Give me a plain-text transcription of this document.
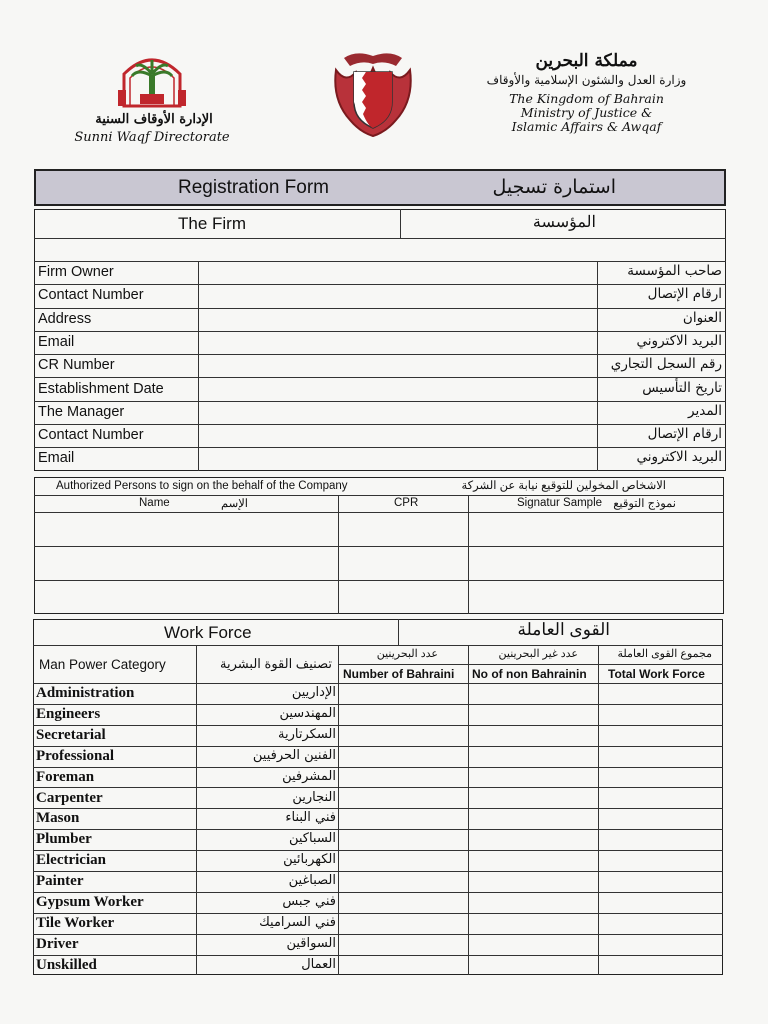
الإدارة الأوقاف السنية
Sunni Waqf Directorate
مملكة البحرين
وزارة العدل والشئون الإسلامية والأوقاف
The Kingdom of Bahrain
Ministry of Justice &
Islamic Affairs & Awqaf
Registration Form	استمارة تسجيل
The Firm	المؤسسة
Firm Owner	صاحب المؤسسة
Contact Number	ارقام الإتصال
Address	العنوان
Email	البريد الاكتروني
CR Number	رقم السجل التجاري
Establishment Date	تاريخ التأسيس
The Manager	المدير
Contact Number	ارقام الإتصال
Email	البريد الاكتروني
Authorized Persons to sign on the behalf of the Company	الاشخاص المخولين للتوقيع نيابة عن الشركة
Name	الإسم	CPR	Signatur Sample نموذج التوقيع
Work Force	القوى العاملة
Man Power Category	تصنيف القوة البشرية
عدد البحرينين
Number of Bahraini
عدد غير البحرينين
No of non Bahrainin
مجموع القوى العاملة
Total Work Force
Administration	الإداريين
Engineers	المهندسين
Secretarial	السكرتارية
Professional	الفنين الحرفيين
Foreman	المشرفين
Carpenter	النجارين
Mason	فني البناء
Plumber	السباكين
Electrician	الكهربائين
Painter	الصباغين
Gypsum Worker	فني جبس
Tile Worker	فني السراميك
Driver	السواقين
Unskilled	العمال
